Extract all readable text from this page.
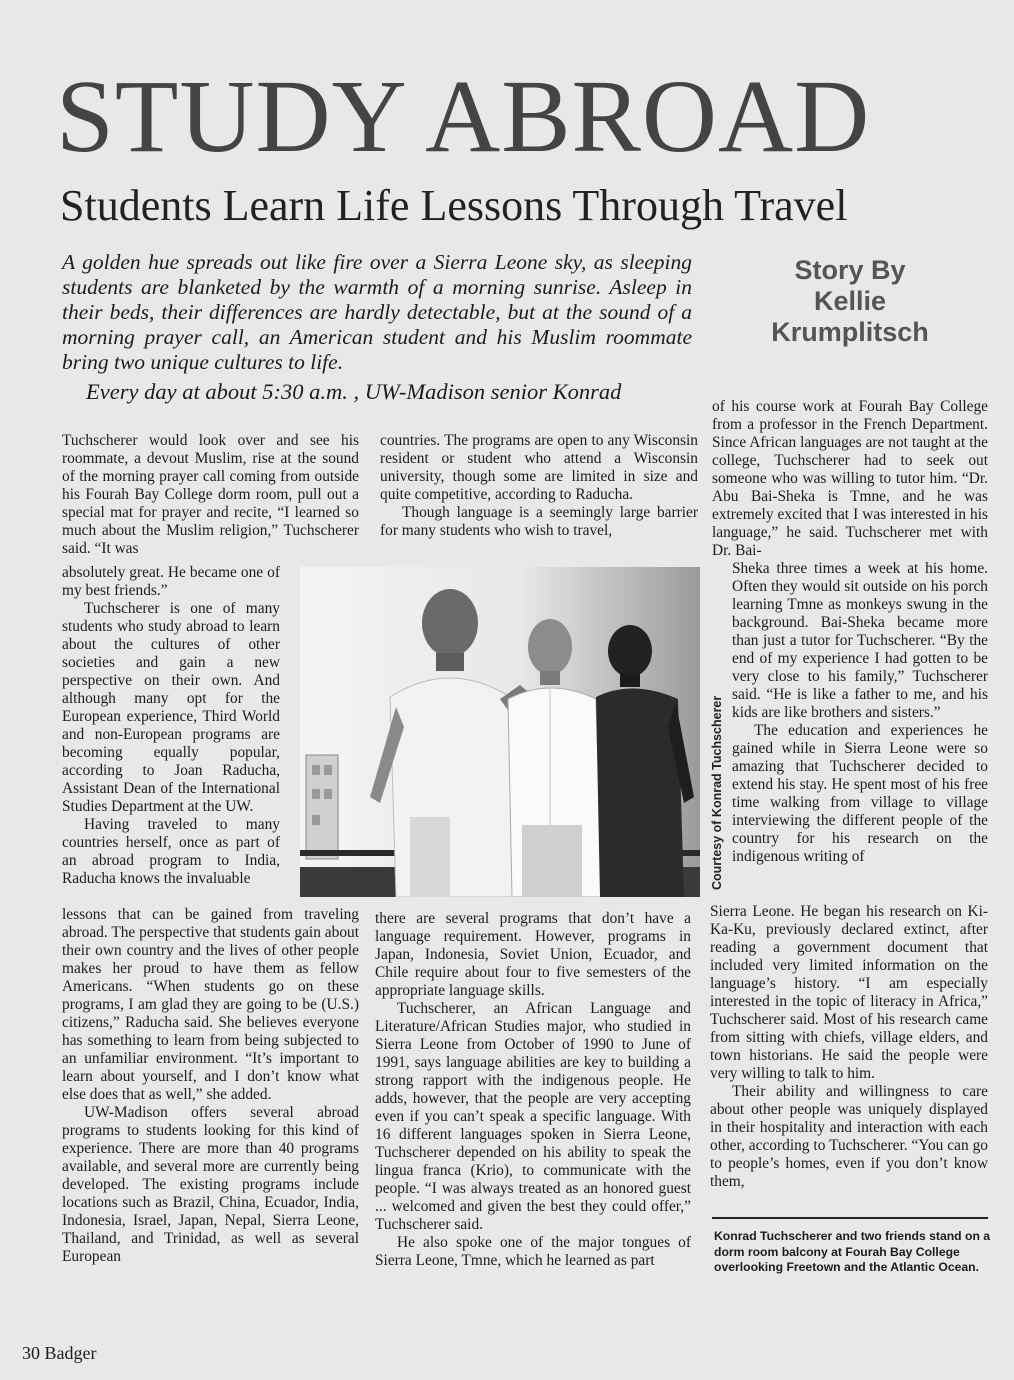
STUDY ABROAD
Students Learn Life Lessons Through Travel
Story By
Kellie
Krumplitsch

A golden hue spreads out like fire over a Sierra Leone sky, as sleeping students are blanketed by the warmth of a morning sunrise. Asleep in their beds, their differences are hardly detectable, but at the sound of a morning prayer call, an American student and his Muslim roommate bring two unique cultures to life.

Every day at about 5:30 a.m. , UW-Madison senior Konrad

Tuchscherer would look over and see his roommate, a devout Muslim, rise at the sound of the morning prayer call coming from outside his Fourah Bay College dorm room, pull out a special mat for prayer and recite, “I learned so much about the Muslim religion,” Tuchscherer said. “It was

absolutely great. He became one of my best friends.”

Tuchscherer is one of many students who study abroad to learn about the cultures of other societies and gain a new perspective on their own. And although many opt for the European experience, Third World and non-European programs are becoming equally popular, according to Joan Raducha, Assistant Dean of the International Studies Department at the UW.

Having traveled to many countries herself, once as part of an abroad program to India, Raducha knows the invaluable

lessons that can be gained from traveling abroad. The perspective that students gain about their own country and the lives of other people makes her proud to have them as fellow Americans. “When students go on these programs, I am glad they are going to be (U.S.) citizens,” Raducha said. She believes everyone has something to learn from being subjected to an unfamiliar environment. “It’s important to learn about yourself, and I don’t know what else does that as well,” she added.

UW-Madison offers several abroad programs to students looking for this kind of experience. There are more than 40 programs available, and several more are currently being developed. The existing programs include locations such as Brazil, China, Ecuador, India, Indonesia, Israel, Japan, Nepal, Sierra Leone, Thailand, and Trinidad, as well as several European

countries. The programs are open to any Wisconsin resident or student who attend a Wisconsin university, though some are limited in size and quite competitive, according to Raducha.

Though language is a seemingly large barrier for many students who wish to travel,

there are several programs that don’t have a language requirement. However, programs in Japan, Indonesia, Soviet Union, Ecuador, and Chile require about four to five semesters of the appropriate language skills.

Tuchscherer, an African Language and Literature/African Studies major, who studied in Sierra Leone from October of 1990 to June of 1991, says language abilities are key to building a strong rapport with the indigenous people. He adds, however, that the people are very accepting even if you can’t speak a specific language. With 16 different languages spoken in Sierra Leone, Tuchscherer depended on his ability to speak the lingua franca (Krio), to communicate with the people. “I was always treated as an honored guest ... welcomed and given the best they could offer,” Tuchscherer said.

He also spoke one of the major tongues of Sierra Leone, Tmne, which he learned as part

of his course work at Fourah Bay College from a professor in the French Department. Since African languages are not taught at the college, Tuchscherer had to seek out someone who was willing to tutor him. “Dr. Abu Bai-Sheka is Tmne, and he was extremely excited that I was interested in his language,” he said. Tuchscherer met with Dr. Bai-

Sheka three times a week at his home. Often they would sit outside on his porch learning Tmne as monkeys swung in the background. Bai-Sheka became more than just a tutor for Tuchscherer. “By the end of my experience I had gotten to be very close to his family,” Tuchscherer said. “He is like a father to me, and his kids are like brothers and sisters.”

The education and experiences he gained while in Sierra Leone were so amazing that Tuchscherer decided to extend his stay. He spent most of his free time walking from village to village interviewing the different people of the country for his research on the indigenous writing of

Sierra Leone. He began his research on Ki-Ka-Ku, previously declared extinct, after reading a government document that included very limited information on the language’s history. “I am especially interested in the topic of literacy in Africa,” Tuchscherer said. Most of his research came from sitting with chiefs, village elders, and town historians. He said the people were very willing to talk to him.

Their ability and willingness to care about other people was uniquely displayed in their hospitality and interaction with each other, according to Tuchscherer. “You can go to people’s homes, even if you don’t know them,

Courtesy of Konrad Tuchscherer
Konrad Tuchscherer and two friends stand on a dorm room balcony at Fourah Bay College overlooking Freetown and the Atlantic Ocean.
30 Badger
